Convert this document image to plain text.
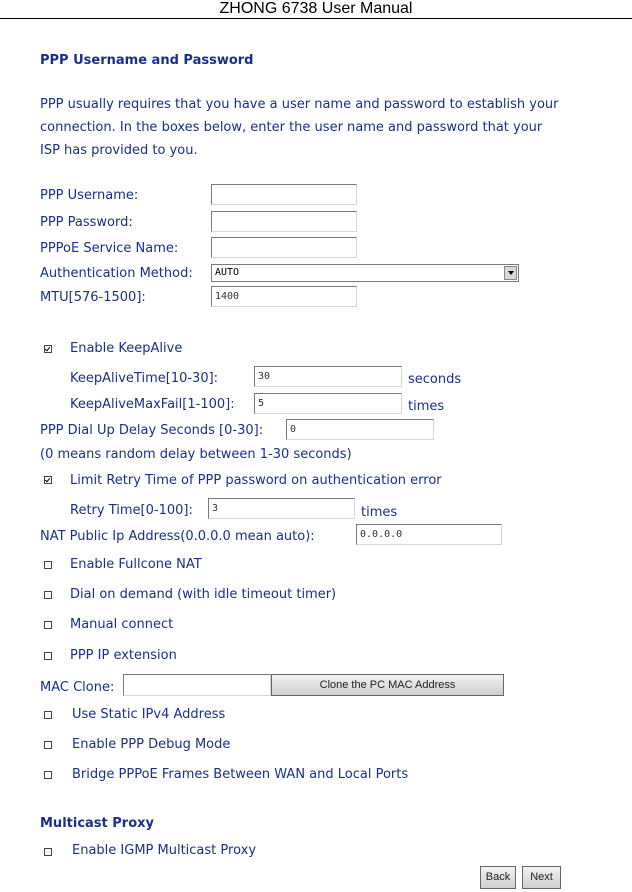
ZHONG 6738 User Manual
PPP Username and Password
PPP usually requires that you have a user name and password to establish your
connection. In the boxes below, enter the user name and password that your
ISP has provided to you.
PPP Username:
PPP Password:
PPPoE Service Name:
Authentication Method:	AUTO
MTU[576-1500]:	1400
Enable KeepAlive
KeepAliveTime[10-30]:	30	seconds
KeepAliveMaxFail[1-100]:	5	times
PPP Dial Up Delay Seconds [0-30]:	0
(0 means random delay between 1-30 seconds)
Limit Retry Time of PPP password on authentication error
Retry Time[0-100]:	3	times
NAT Public Ip Address(0.0.0.0 mean auto):	0.0.0.0
Enable Fullcone NAT
Dial on demand (with idle timeout timer)
Manual connect
PPP IP extension
MAC Clone:	Clone the PC MAC Address
Use Static IPv4 Address
Enable PPP Debug Mode
Bridge PPPoE Frames Between WAN and Local Ports
Multicast Proxy
Enable IGMP Multicast Proxy
Back	Next
